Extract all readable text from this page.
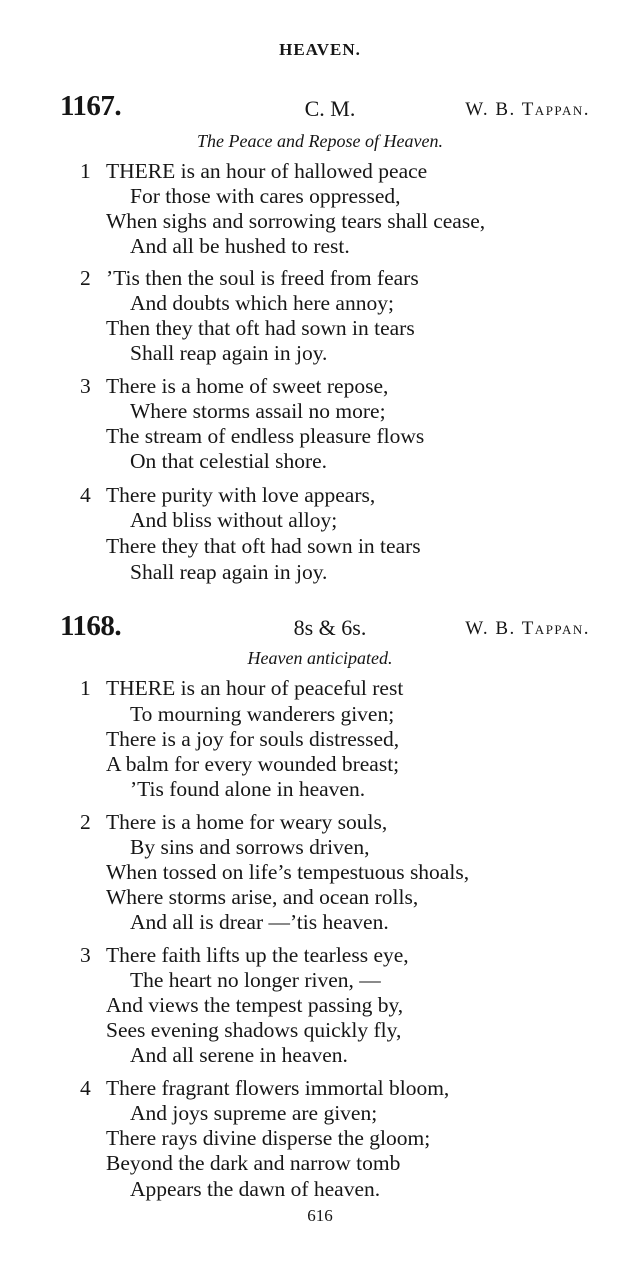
HEAVEN.
1167.	C. M.	W. B. Tappan.
The Peace and Repose of Heaven.
1 THERE is an hour of hallowed peace
For those with cares oppressed,
When sighs and sorrowing tears shall cease,
And all be hushed to rest.
2 ’Tis then the soul is freed from fears
And doubts which here annoy;
Then they that oft had sown in tears
Shall reap again in joy.
3 There is a home of sweet repose,
Where storms assail no more;
The stream of endless pleasure flows
On that celestial shore.
4 There purity with love appears,
And bliss without alloy;
There they that oft had sown in tears
Shall reap again in joy.
1168.	8s & 6s.	W. B. Tappan.
Heaven anticipated.
1 THERE is an hour of peaceful rest
To mourning wanderers given;
There is a joy for souls distressed,
A balm for every wounded breast;
’Tis found alone in heaven.
2 There is a home for weary souls,
By sins and sorrows driven,
When tossed on life’s tempestuous shoals,
Where storms arise, and ocean rolls,
And all is drear —’tis heaven.
3 There faith lifts up the tearless eye,
The heart no longer riven, —
And views the tempest passing by,
Sees evening shadows quickly fly,
And all serene in heaven.
4 There fragrant flowers immortal bloom,
And joys supreme are given;
There rays divine disperse the gloom;
Beyond the dark and narrow tomb
Appears the dawn of heaven.
616
